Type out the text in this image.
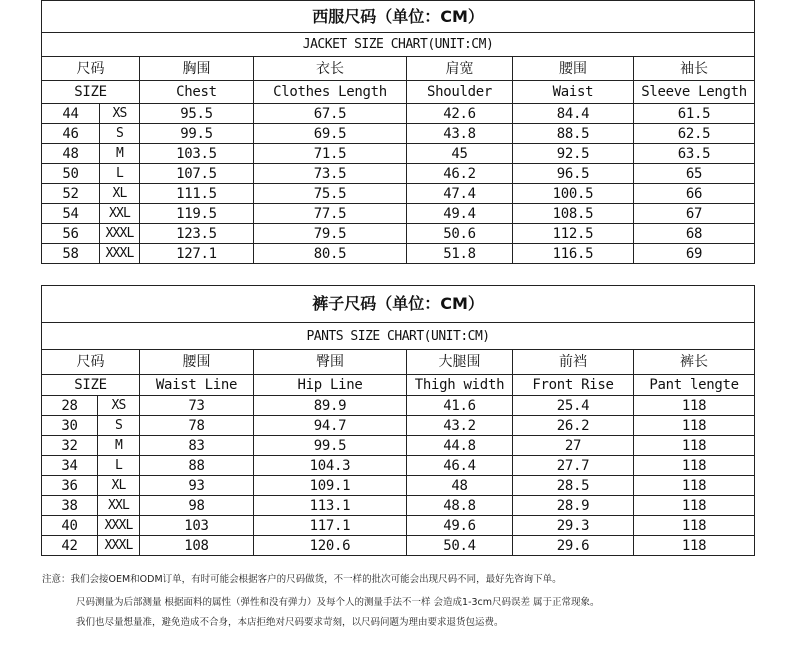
西服尺码（单位：CM）						
JACKET SIZE CHART(UNIT:CM)						
尺码		胸围	衣长	肩宽	腰围	袖长
SIZE		Chest	Clothes Length	Shoulder	Waist	Sleeve Length
44	XS	95.5	67.5	42.6	84.4	61.5
46	S	99.5	69.5	43.8	88.5	62.5
48	M	103.5	71.5	45	92.5	63.5
50	L	107.5	73.5	46.2	96.5	65
52	XL	111.5	75.5	47.4	100.5	66
54	XXL	119.5	77.5	49.4	108.5	67
56	XXXL	123.5	79.5	50.6	112.5	68
58	XXXL	127.1	80.5	51.8	116.5	69
裤子尺码（单位：CM）						
PANTS SIZE CHART(UNIT:CM)						
尺码		腰围	臀围	大腿围	前裆	裤长
SIZE		Waist Line	Hip Line	Thigh width	Front Rise	Pant lengte
28	XS	73	89.9	41.6	25.4	118
30	S	78	94.7	43.2	26.2	118
32	M	83	99.5	44.8	27	118
34	L	88	104.3	46.4	27.7	118
36	XL	93	109.1	48	28.5	118
38	XXL	98	113.1	48.8	28.9	118
40	XXXL	103	117.1	49.6	29.3	118
42	XXXL	108	120.6	50.4	29.6	118
注意：我们会接OEM和ODM订单，有时可能会根据客户的尺码做货，不一样的批次可能会出现尺码不同，最好先咨询下单。
尺码测量为后部测量 根据面料的属性（弹性和没有弹力）及每个人的测量手法不一样 会造成1-3cm尺码误差 属于正常现象。
我们也尽量想量准，避免造成不合身，本店拒绝对尺码要求苛刻，以尺码问题为理由要求退货包运费。
